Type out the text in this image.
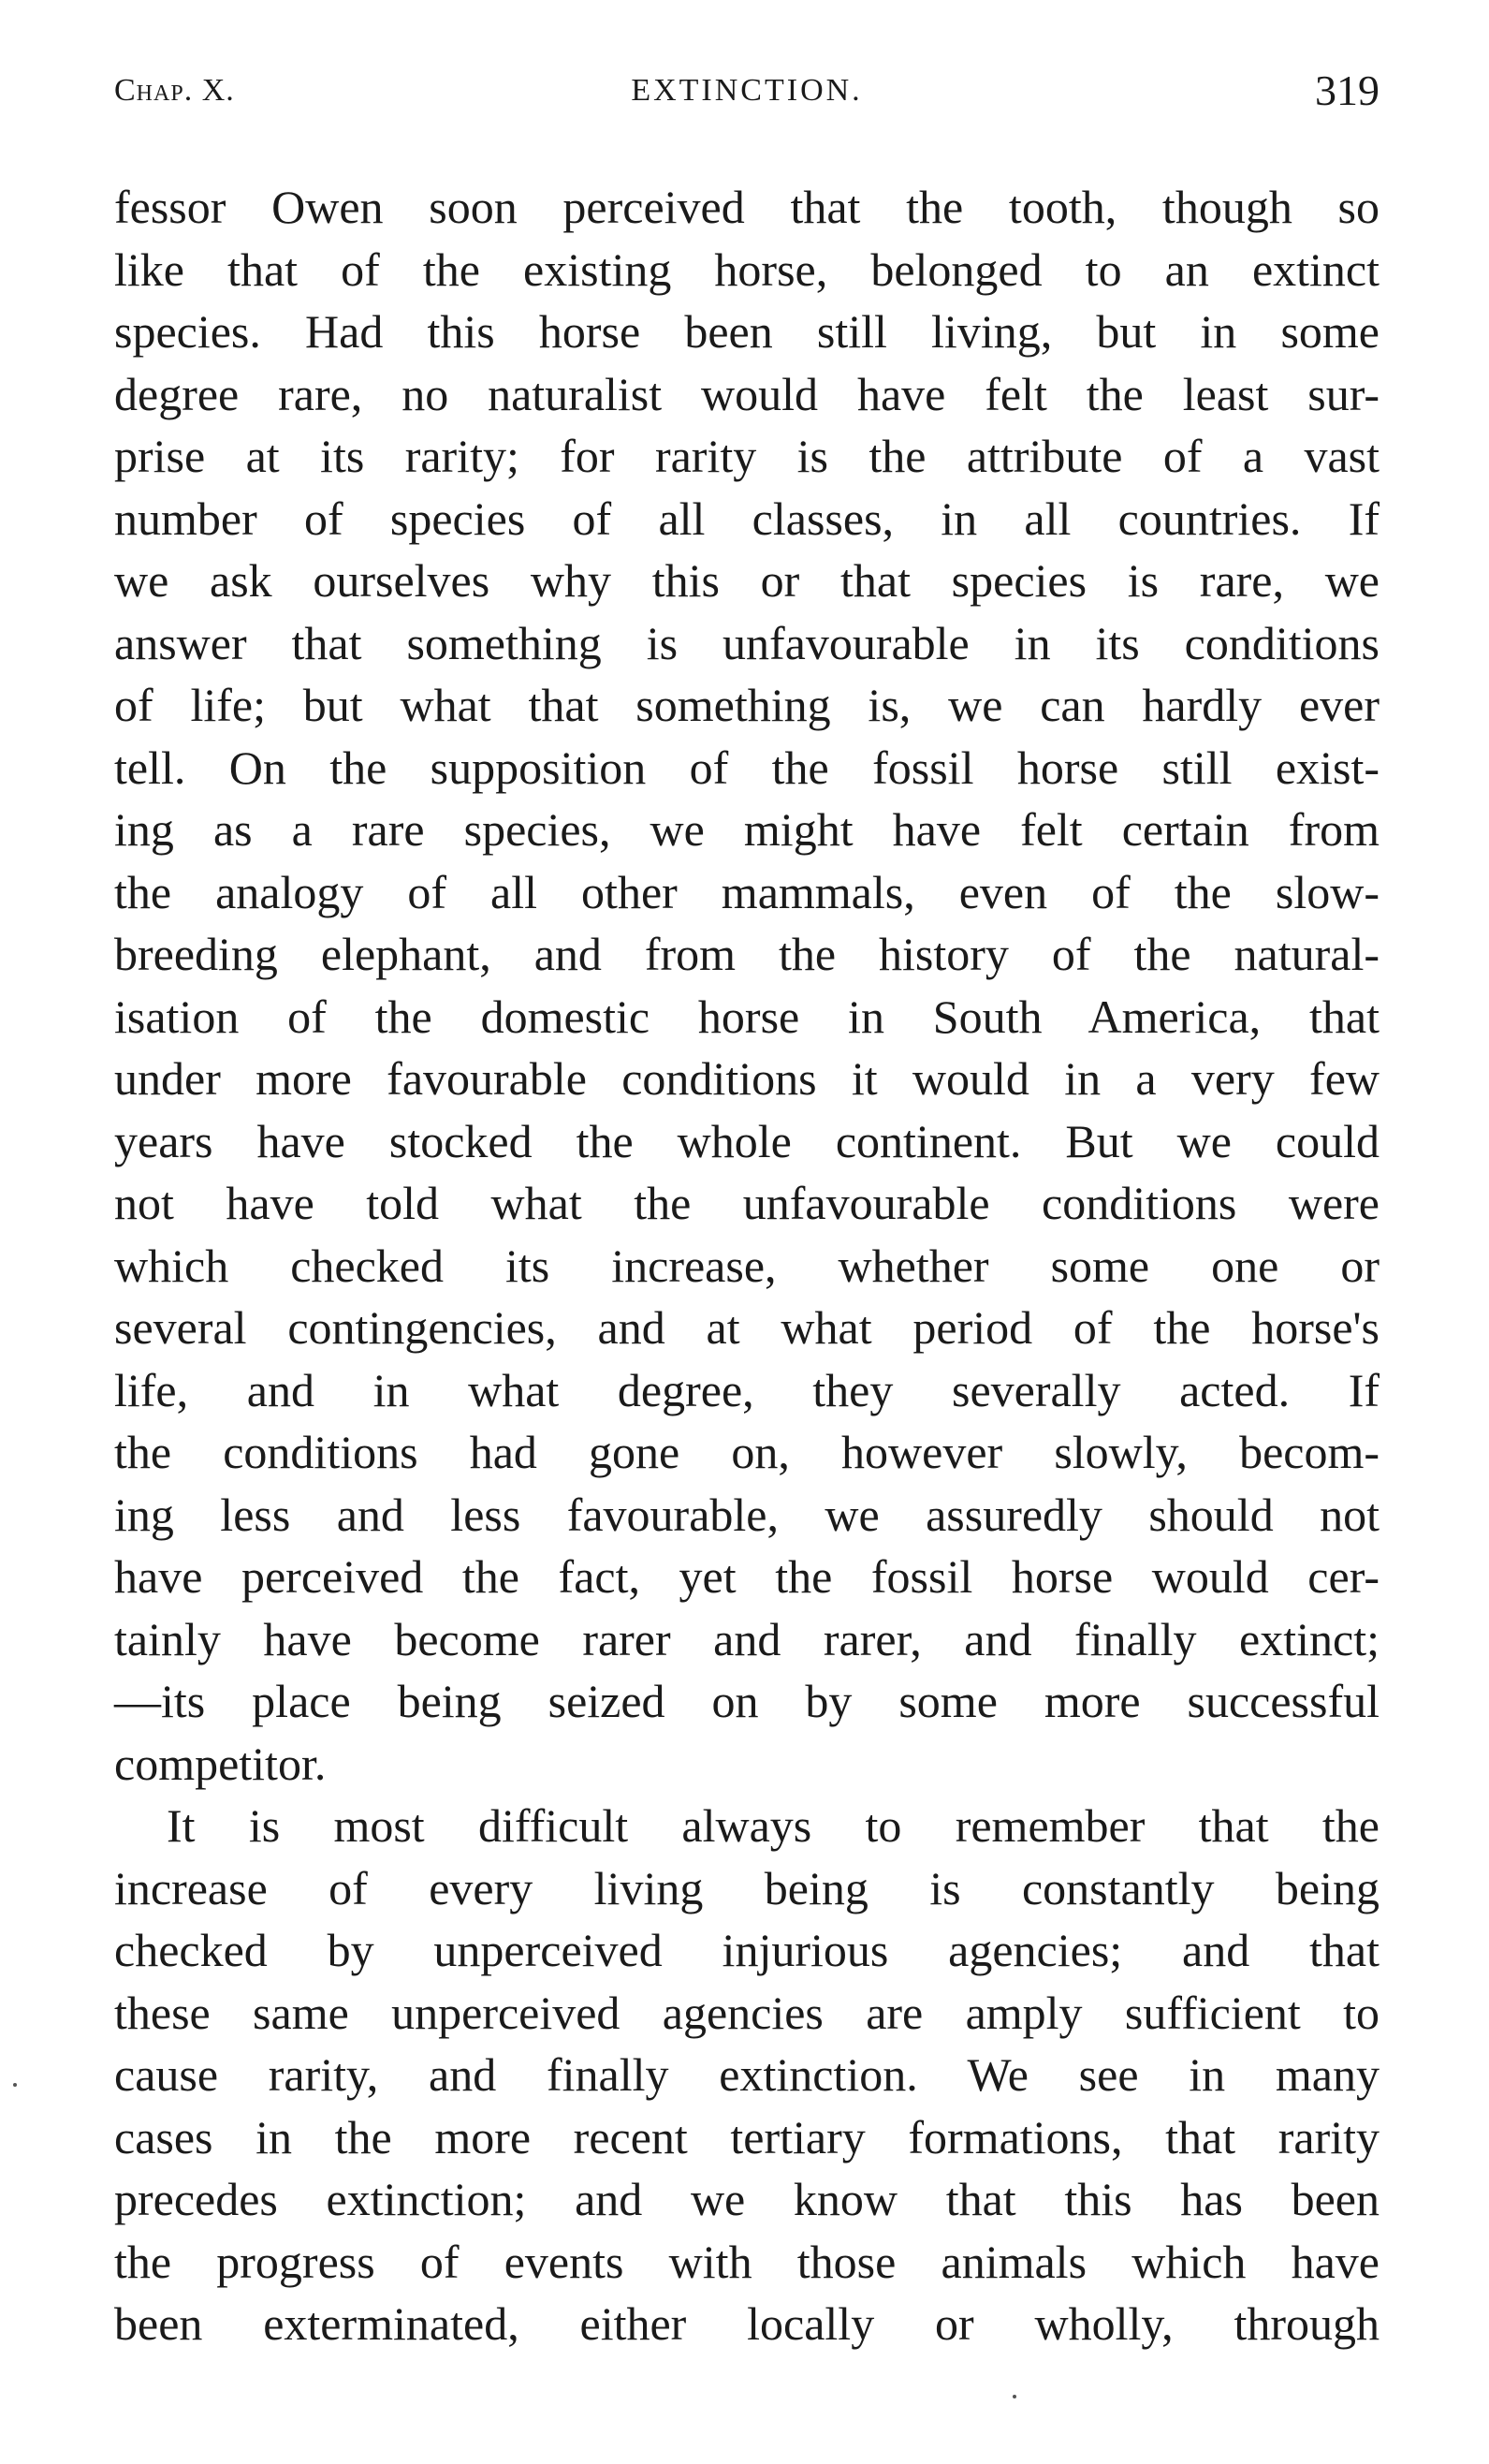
Chap. X.	EXTINCTION.	319
fessor Owen soon perceived that the tooth, though so
like that of the existing horse, belonged to an extinct
species. Had this horse been still living, but in some
degree rare, no naturalist would have felt the least sur-
prise at its rarity; for rarity is the attribute of a vast
number of species of all classes, in all countries. If
we ask ourselves why this or that species is rare, we
answer that something is unfavourable in its conditions
of life; but what that something is, we can hardly ever
tell. On the supposition of the fossil horse still exist-
ing as a rare species, we might have felt certain from
the analogy of all other mammals, even of the slow-
breeding elephant, and from the history of the natural-
isation of the domestic horse in South America, that
under more favourable conditions it would in a very few
years have stocked the whole continent. But we could
not have told what the unfavourable conditions were
which checked its increase, whether some one or
several contingencies, and at what period of the horse's
life, and in what degree, they severally acted. If
the conditions had gone on, however slowly, becom-
ing less and less favourable, we assuredly should not
have perceived the fact, yet the fossil horse would cer-
tainly have become rarer and rarer, and finally extinct;
—its place being seized on by some more successful
competitor.
It is most difficult always to remember that the
increase of every living being is constantly being
checked by unperceived injurious agencies; and that
these same unperceived agencies are amply sufficient to
cause rarity, and finally extinction. We see in many
cases in the more recent tertiary formations, that rarity
precedes extinction; and we know that this has been
the progress of events with those animals which have
been exterminated, either locally or wholly, through
